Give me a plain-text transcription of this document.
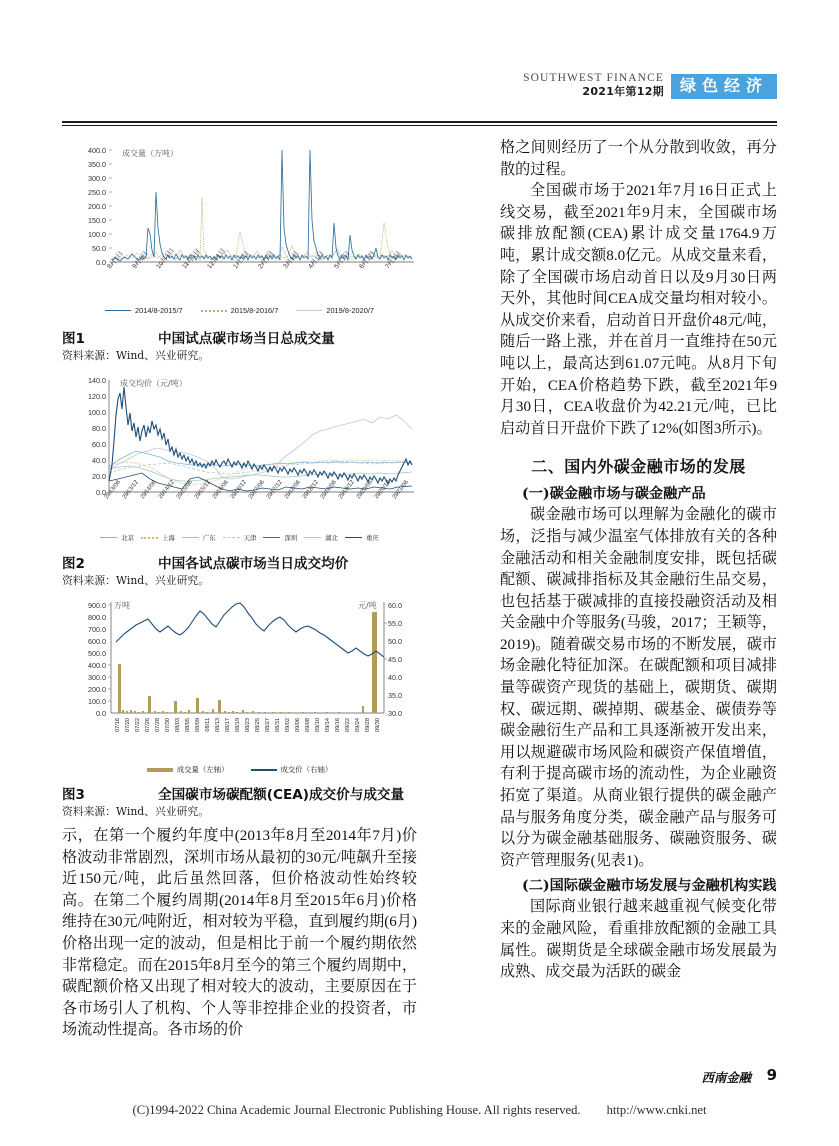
SOUTHWEST FINANCE
2021年第12期	绿色经济
400.0
350.0
300.0
250.0
200.0
150.0
100.0
50.0
0.0
成交量（万吨）
8月1日 9月1日 10月1日 11月1日 12月1日 1月1日 2月1日 3月1日 4月1日 5月1日 6月1日 7月1日
2014/8-2015/7	2015/8-2016/7	2019/8-2020/7
图1	中国试点碳市场当日总成交量
资料来源：Wind、兴业研究。
140.0
120.0
100.0
80.0
60.0
40.0
20.0
0.0
成交均价（元/吨）
2013/06 2013/12 2014/06 2014/12 2015/06 2015/12 2016/06 2016/12 2017/06 2017/12 2018/06 2018/12 2019/06 2019/12 2020/06 2020/12 2021/06
北京	上海	广东	天津	深圳	湖北	重庆
图2	中国各试点碳市场当日成交均价
资料来源：Wind、兴业研究。
900.0
800.0
700.0
600.0
500.0
400.0
300.0
200.0
100.0
0.0
60.0
55.0
50.0
45.0
40.0
35.0
30.0
万吨	元/吨
07/16 07/20 07/22 07/26 07/28 07/30 08/03 08/05 08/09 08/11 08/13 08/17 08/19 08/23 08/25 08/27 08/31 09/02 09/06 09/08 09/10 09/14 09/16 09/22 09/24 09/28 09/30
成交量（左轴）	成交价（右轴）
图3	全国碳市场碳配额(CEA)成交价与成交量
资料来源：Wind、兴业研究。

示，在第一个履约年度中(2013年8月至2014年7月)价格波动非常剧烈，深圳市场从最初的30元/吨飙升至接近150元/吨，此后虽然回落，但价格波动性始终较高。在第二个履约周期(2014年8月至2015年6月)价格维持在30元/吨附近，相对较为平稳，直到履约期(6月)价格出现一定的波动，但是相比于前一个履约期依然非常稳定。而在2015年8月至今的第三个履约周期中，碳配额价格又出现了相对较大的波动，主要原因在于各市场引人了机构、个人等非控排企业的投资者，市场流动性提高。各市场的价

格之间则经历了一个从分散到收敛，再分散的过程。

全国碳市场于2021年7月16日正式上线交易，截至2021年9月末，全国碳市场碳排放配额(CEA)累计成交量1764.9万吨，累计成交额8.0亿元。从成交量来看，除了全国碳市场启动首日以及9月30日两天外，其他时间CEA成交量均相对较小。从成交价来看，启动首日开盘价48元/吨，随后一路上涨，并在首月一直维持在50元吨以上，最高达到61.07元吨。从8月下旬开始，CEA价格趋势下跌，截至2021年9月30日，CEA收盘价为42.21元/吨，已比启动首日开盘价下跌了12%(如图3所示)。

二、国内外碳金融市场的发展
(一)碳金融市场与碳金融产品

碳金融市场可以理解为金融化的碳市场，泛指与减少温室气体排放有关的各种金融活动和相关金融制度安排，既包括碳配额、碳减排指标及其金融衍生品交易，也包括基于碳减排的直接投融资活动及相关金融中介等服务(马骏，2017；王颖等，2019)。随着碳交易市场的不断发展，碳市场金融化特征加深。在碳配额和项目减排量等碳资产现货的基础上，碳期货、碳期权、碳远期、碳掉期、碳基金、碳债券等碳金融衍生产品和工具逐渐被开发出来，用以规避碳市场风险和碳资产保值增值，有利于提高碳市场的流动性，为企业融资拓宽了渠道。从商业银行提供的碳金融产品与服务角度分类，碳金融产品与服务可以分为碳金融基础服务、碳融资服务、碳资产管理服务(见表1)。

(二)国际碳金融市场发展与金融机构实践

国际商业银行越来越重视气候变化带来的金融风险，看重排放配额的金融工具属性。碳期货是全球碳金融市场发展最为成熟、成交最为活跃的碳金

西南金融 9
(C)1994-2022 China Academic Journal Electronic Publishing House. All rights reserved. http://www.cnki.net
